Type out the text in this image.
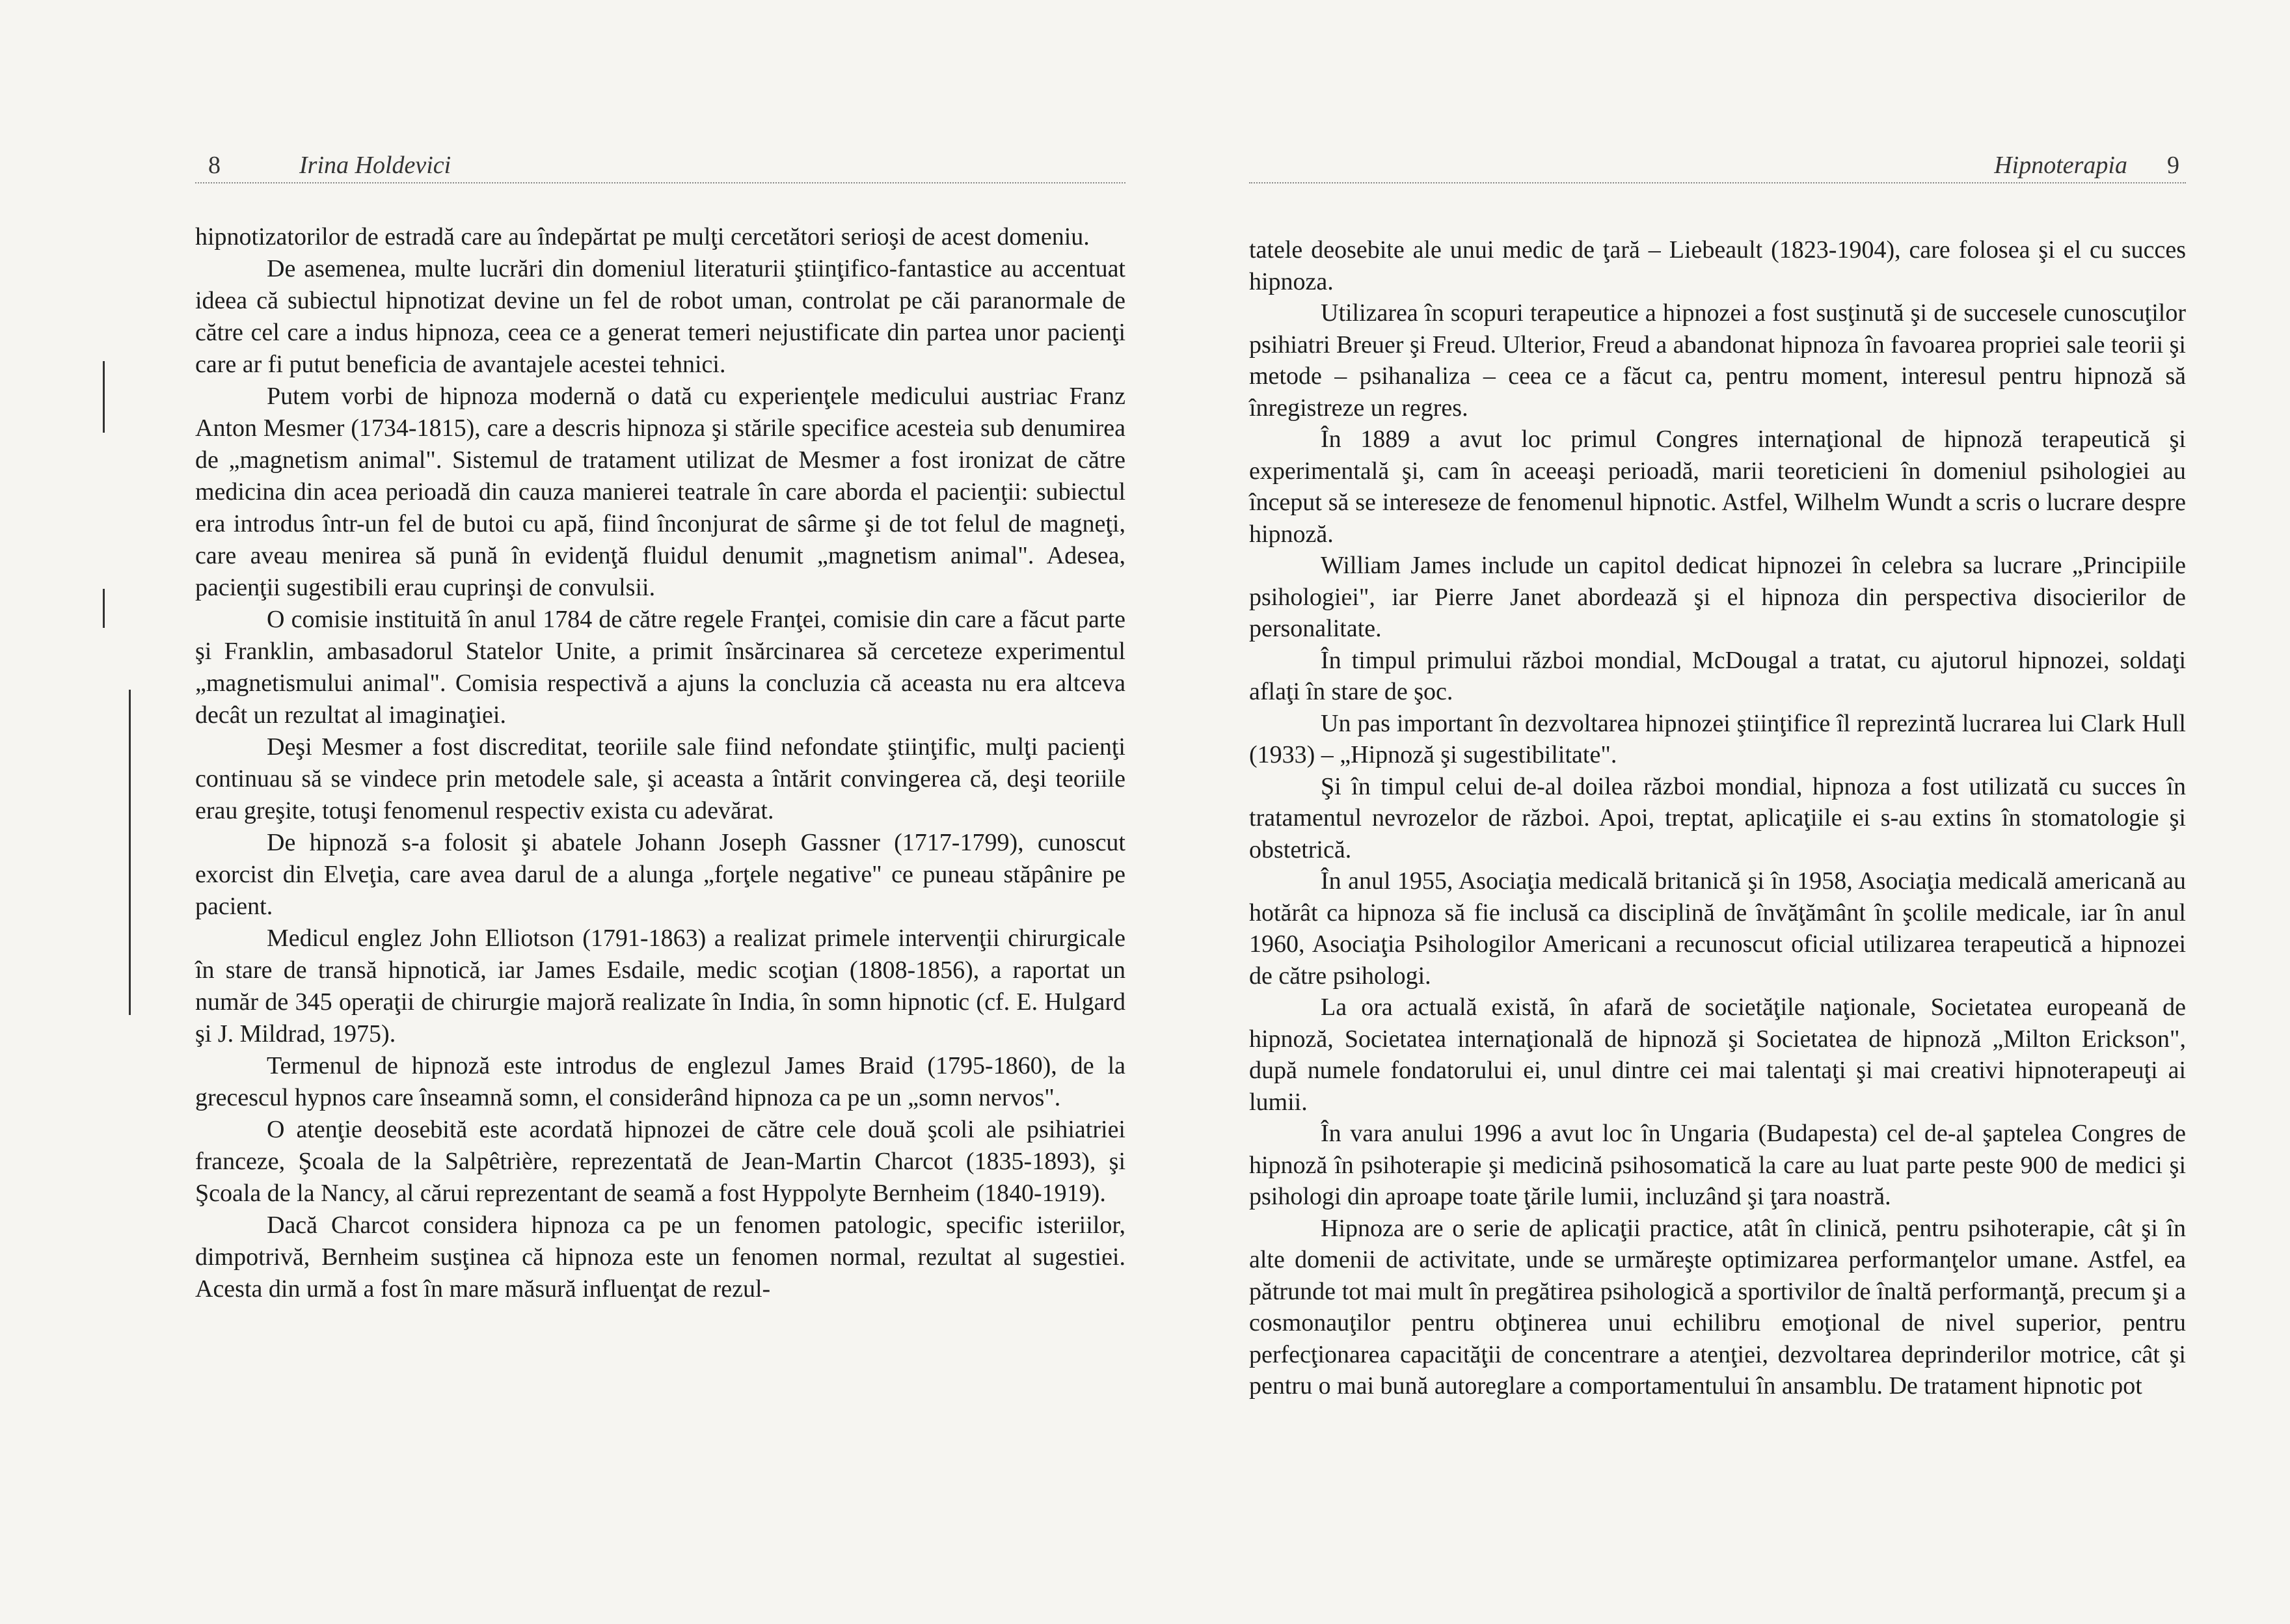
8	Irina Holdevici

hipnotizatorilor de estradă care au îndepărtat pe mulţi cercetători serioşi de acest domeniu.

De asemenea, multe lucrări din domeniul literaturii ştiinţifico-fantastice au accentuat ideea că subiectul hipnotizat devine un fel de robot uman, controlat pe căi paranormale de către cel care a indus hipnoza, ceea ce a generat temeri nejustificate din partea unor pacienţi care ar fi putut beneficia de avantajele acestei tehnici.

Putem vorbi de hipnoza modernă o dată cu experienţele medicului austriac Franz Anton Mesmer (1734-1815), care a descris hipnoza şi stările specifice acesteia sub denumirea de „magnetism animal". Sistemul de tratament utilizat de Mesmer a fost ironizat de către medicina din acea perioadă din cauza manierei teatrale în care aborda el pacienţii: subiectul era introdus într-un fel de butoi cu apă, fiind înconjurat de sârme şi de tot felul de magneţi, care aveau menirea să pună în evidenţă fluidul denumit „magnetism animal". Adesea, pacienţii sugestibili erau cuprinşi de convulsii.

O comisie instituită în anul 1784 de către regele Franţei, comisie din care a făcut parte şi Franklin, ambasadorul Statelor Unite, a primit însărcinarea să cerceteze experimentul „magnetismului animal". Comisia respectivă a ajuns la concluzia că aceasta nu era altceva decât un rezultat al imaginaţiei.

Deşi Mesmer a fost discreditat, teoriile sale fiind nefondate ştiinţific, mulţi pacienţi continuau să se vindece prin metodele sale, şi aceasta a întărit convingerea că, deşi teoriile erau greşite, totuşi fenomenul respectiv exista cu adevărat.

De hipnoză s-a folosit şi abatele Johann Joseph Gassner (1717-1799), cunoscut exorcist din Elveţia, care avea darul de a alunga „forţele negative" ce puneau stăpânire pe pacient.

Medicul englez John Elliotson (1791-1863) a realizat primele intervenţii chirurgicale în stare de transă hipnotică, iar James Esdaile, medic scoţian (1808-1856), a raportat un număr de 345 operaţii de chirurgie majoră realizate în India, în somn hipnotic (cf. E. Hulgard şi J. Mildrad, 1975).

Termenul de hipnoză este introdus de englezul James Braid (1795-1860), de la grecescul hypnos care înseamnă somn, el considerând hipnoza ca pe un „somn nervos".

O atenţie deosebită este acordată hipnozei de către cele două şcoli ale psihiatriei franceze, Şcoala de la Salpêtrière, reprezentată de Jean-Martin Charcot (1835-1893), şi Şcoala de la Nancy, al cărui reprezentant de seamă a fost Hyppolyte Bernheim (1840-1919).

Dacă Charcot considera hipnoza ca pe un fenomen patologic, specific isteriilor, dimpotrivă, Bernheim susţinea că hipnoza este un fenomen normal, rezultat al sugestiei. Acesta din urmă a fost în mare măsură influenţat de rezul-

Hipnoterapia 9

tatele deosebite ale unui medic de ţară – Liebeault (1823-1904), care folosea şi el cu succes hipnoza.

Utilizarea în scopuri terapeutice a hipnozei a fost susţinută şi de succesele cunoscuţilor psihiatri Breuer şi Freud. Ulterior, Freud a abandonat hipnoza în favoarea propriei sale teorii şi metode – psihanaliza – ceea ce a făcut ca, pentru moment, interesul pentru hipnoză să înregistreze un regres.

În 1889 a avut loc primul Congres internaţional de hipnoză terapeutică şi experimentală şi, cam în aceeaşi perioadă, marii teoreticieni în domeniul psihologiei au început să se intereseze de fenomenul hipnotic. Astfel, Wilhelm Wundt a scris o lucrare despre hipnoză.

William James include un capitol dedicat hipnozei în celebra sa lucrare „Principiile psihologiei", iar Pierre Janet abordează şi el hipnoza din perspectiva disocierilor de personalitate.

În timpul primului război mondial, McDougal a tratat, cu ajutorul hipnozei, soldaţi aflaţi în stare de şoc.

Un pas important în dezvoltarea hipnozei ştiinţifice îl reprezintă lucrarea lui Clark Hull (1933) – „Hipnoză şi sugestibilitate".

Şi în timpul celui de-al doilea război mondial, hipnoza a fost utilizată cu succes în tratamentul nevrozelor de război. Apoi, treptat, aplicaţiile ei s-au extins în stomatologie şi obstetrică.

În anul 1955, Asociaţia medicală britanică şi în 1958, Asociaţia medicală americană au hotărât ca hipnoza să fie inclusă ca disciplină de învăţământ în şcolile medicale, iar în anul 1960, Asociaţia Psihologilor Americani a recunoscut oficial utilizarea terapeutică a hipnozei de către psihologi.

La ora actuală există, în afară de societăţile naţionale, Societatea europeană de hipnoză, Societatea internaţională de hipnoză şi Societatea de hipnoză „Milton Erickson", după numele fondatorului ei, unul dintre cei mai talentaţi şi mai creativi hipnoterapeuţi ai lumii.

În vara anului 1996 a avut loc în Ungaria (Budapesta) cel de-al şaptelea Congres de hipnoză în psihoterapie şi medicină psihosomatică la care au luat parte peste 900 de medici şi psihologi din aproape toate ţările lumii, incluzând şi ţara noastră.

Hipnoza are o serie de aplicaţii practice, atât în clinică, pentru psihoterapie, cât şi în alte domenii de activitate, unde se urmăreşte optimizarea performanţelor umane. Astfel, ea pătrunde tot mai mult în pregătirea psihologică a sportivilor de înaltă performanţă, precum şi a cosmonauţilor pentru obţinerea unui echilibru emoţional de nivel superior, pentru perfecţionarea capacităţii de concentrare a atenţiei, dezvoltarea deprinderilor motrice, cât şi pentru o mai bună autoreglare a comportamentului în ansamblu. De tratament hipnotic pot
